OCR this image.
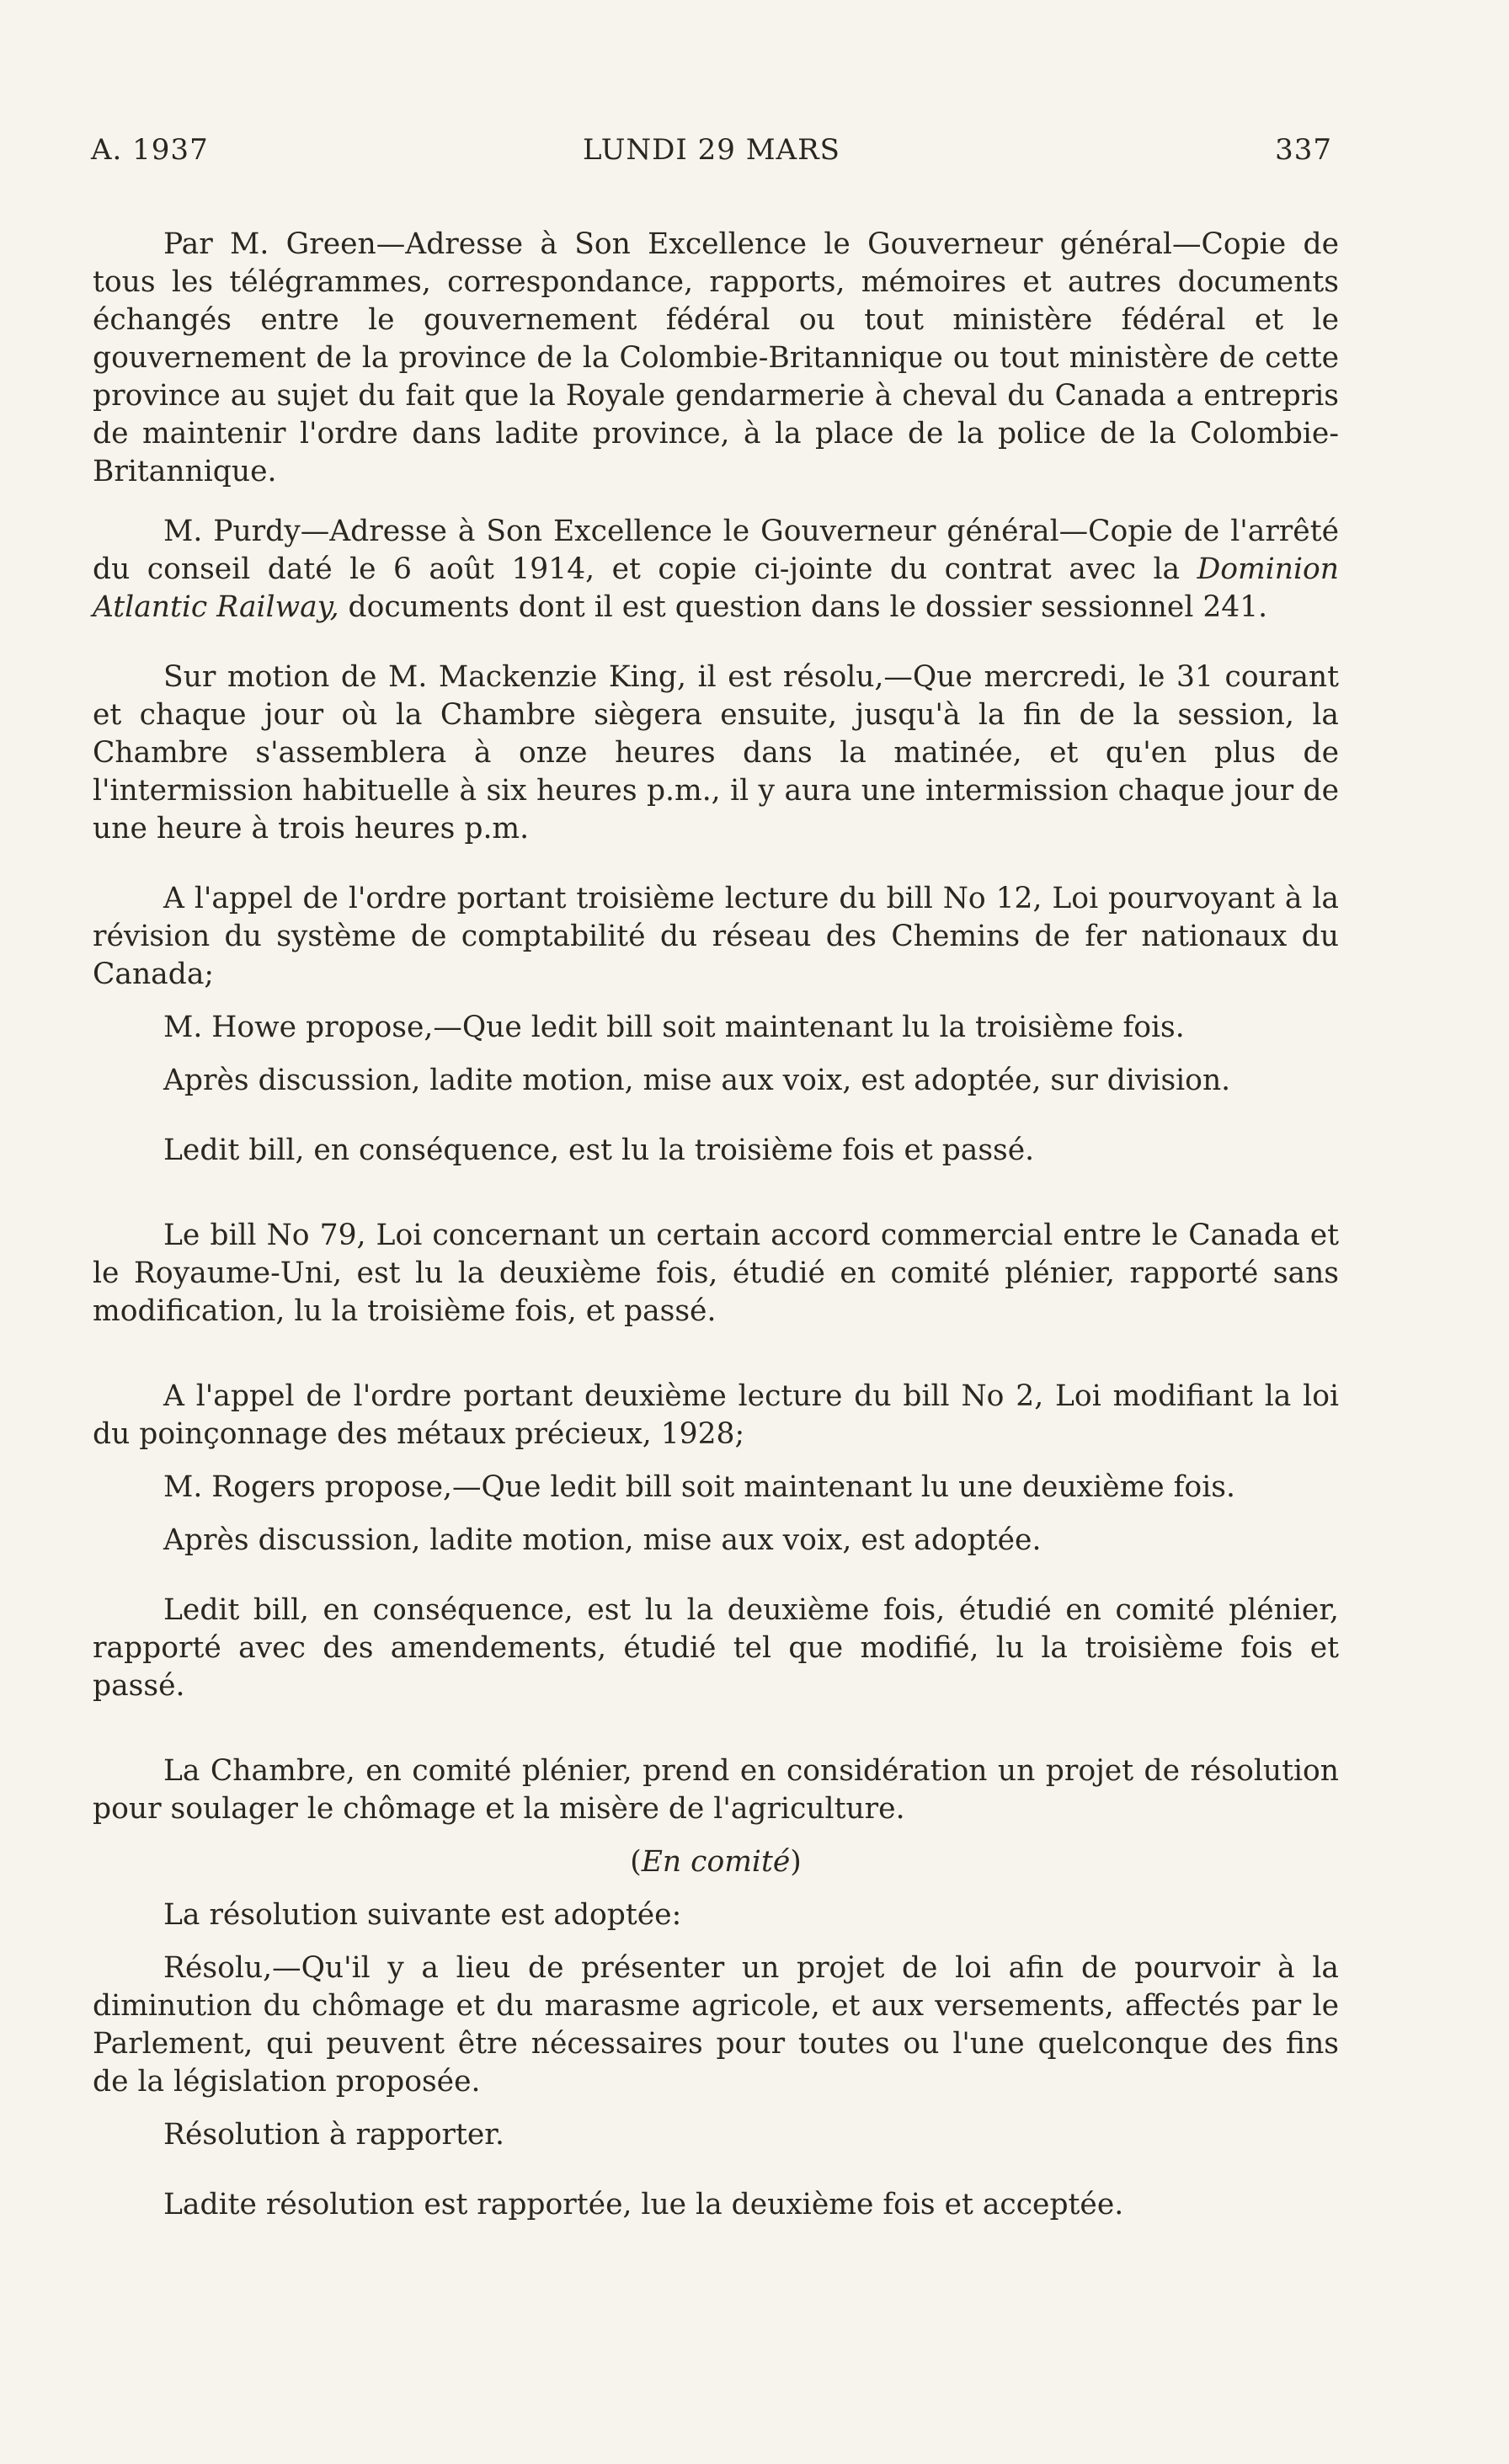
A. 1937	LUNDI 29 MARS	337

Par M. Green—Adresse à Son Excellence le Gouverneur général—Copie de tous les télégrammes, correspondance, rapports, mémoires et autres documents échangés entre le gouvernement fédéral ou tout ministère fédéral et le gouvernement de la province de la Colombie-Britannique ou tout ministère de cette province au sujet du fait que la Royale gendarmerie à cheval du Canada a entrepris de maintenir l'ordre dans ladite province, à la place de la police de la Colombie-Britannique.

M. Purdy—Adresse à Son Excellence le Gouverneur général—Copie de l'arrêté du conseil daté le 6 août 1914, et copie ci-jointe du contrat avec la Dominion Atlantic Railway, documents dont il est question dans le dossier sessionnel 241.

Sur motion de M. Mackenzie King, il est résolu,—Que mercredi, le 31 courant et chaque jour où la Chambre siègera ensuite, jusqu'à la fin de la session, la Chambre s'assemblera à onze heures dans la matinée, et qu'en plus de l'intermission habituelle à six heures p.m., il y aura une intermission chaque jour de une heure à trois heures p.m.

A l'appel de l'ordre portant troisième lecture du bill No 12, Loi pourvoyant à la révision du système de comptabilité du réseau des Chemins de fer nationaux du Canada;

M. Howe propose,—Que ledit bill soit maintenant lu la troisième fois.

Après discussion, ladite motion, mise aux voix, est adoptée, sur division.

Ledit bill, en conséquence, est lu la troisième fois et passé.

Le bill No 79, Loi concernant un certain accord commercial entre le Canada et le Royaume-Uni, est lu la deuxième fois, étudié en comité plénier, rapporté sans modification, lu la troisième fois, et passé.

A l'appel de l'ordre portant deuxième lecture du bill No 2, Loi modifiant la loi du poinçonnage des métaux précieux, 1928;

M. Rogers propose,—Que ledit bill soit maintenant lu une deuxième fois.

Après discussion, ladite motion, mise aux voix, est adoptée.

Ledit bill, en conséquence, est lu la deuxième fois, étudié en comité plénier, rapporté avec des amendements, étudié tel que modifié, lu la troisième fois et passé.

La Chambre, en comité plénier, prend en considération un projet de résolution pour soulager le chômage et la misère de l'agriculture.

(En comité)

La résolution suivante est adoptée:

Résolu,—Qu'il y a lieu de présenter un projet de loi afin de pourvoir à la diminution du chômage et du marasme agricole, et aux versements, affectés par le Parlement, qui peuvent être nécessaires pour toutes ou l'une quelconque des fins de la législation proposée.

Résolution à rapporter.

Ladite résolution est rapportée, lue la deuxième fois et acceptée.
